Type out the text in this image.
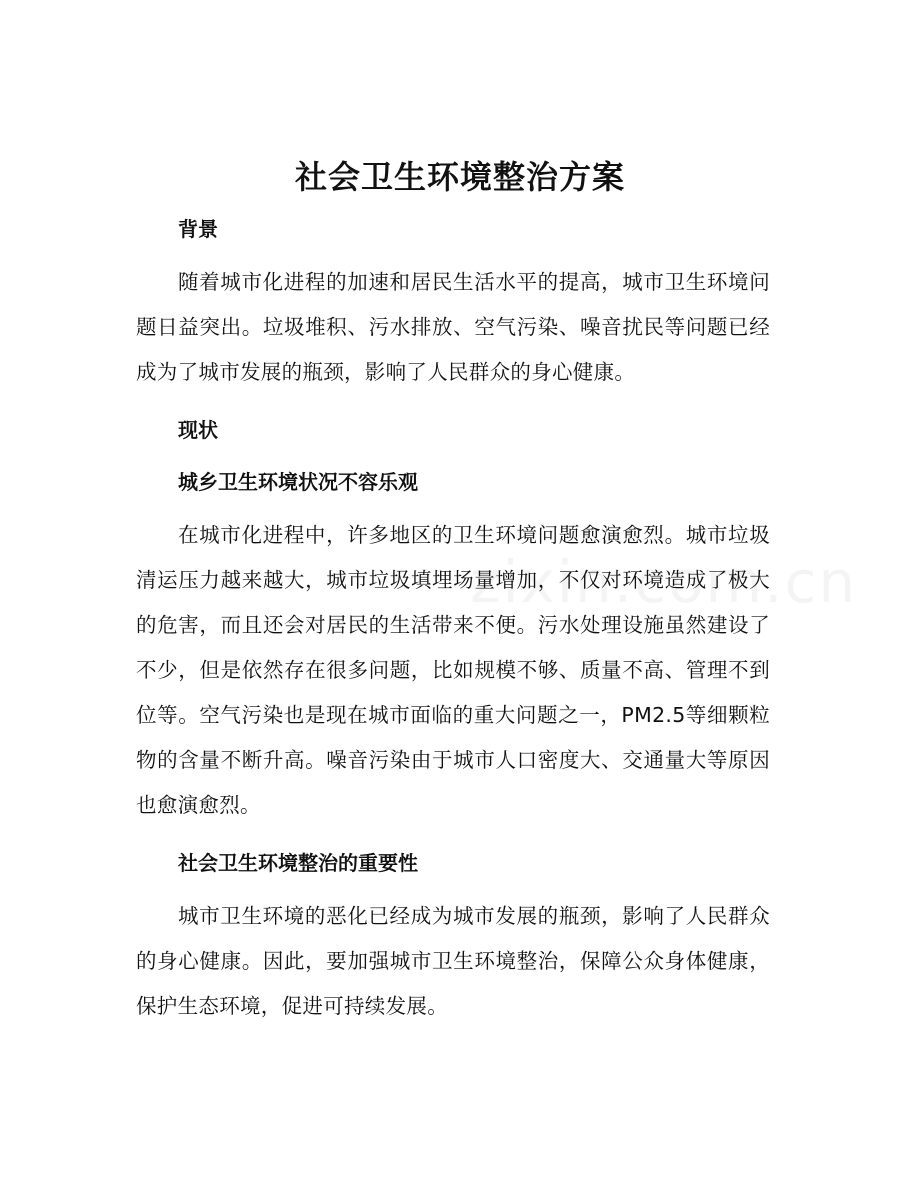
社会卫生环境整治方案
背景

随着城市化进程的加速和居民生活水平的提高，城市卫生环境问题日益突出。垃圾堆积、污水排放、空气污染、噪音扰民等问题已经成为了城市发展的瓶颈，影响了人民群众的身心健康。

现状
城乡卫生环境状况不容乐观

在城市化进程中，许多地区的卫生环境问题愈演愈烈。城市垃圾清运压力越来越大，城市垃圾填埋场量增加，不仅对环境造成了极大的危害，而且还会对居民的生活带来不便。污水处理设施虽然建设了不少，但是依然存在很多问题，比如规模不够、质量不高、管理不到位等。空气污染也是现在城市面临的重大问题之一，PM2.5等细颗粒物的含量不断升高。噪音污染由于城市人口密度大、交通量大等原因也愈演愈烈。

社会卫生环境整治的重要性

城市卫生环境的恶化已经成为城市发展的瓶颈，影响了人民群众的身心健康。因此，要加强城市卫生环境整治，保障公众身体健康，保护生态环境，促进可持续发展。
